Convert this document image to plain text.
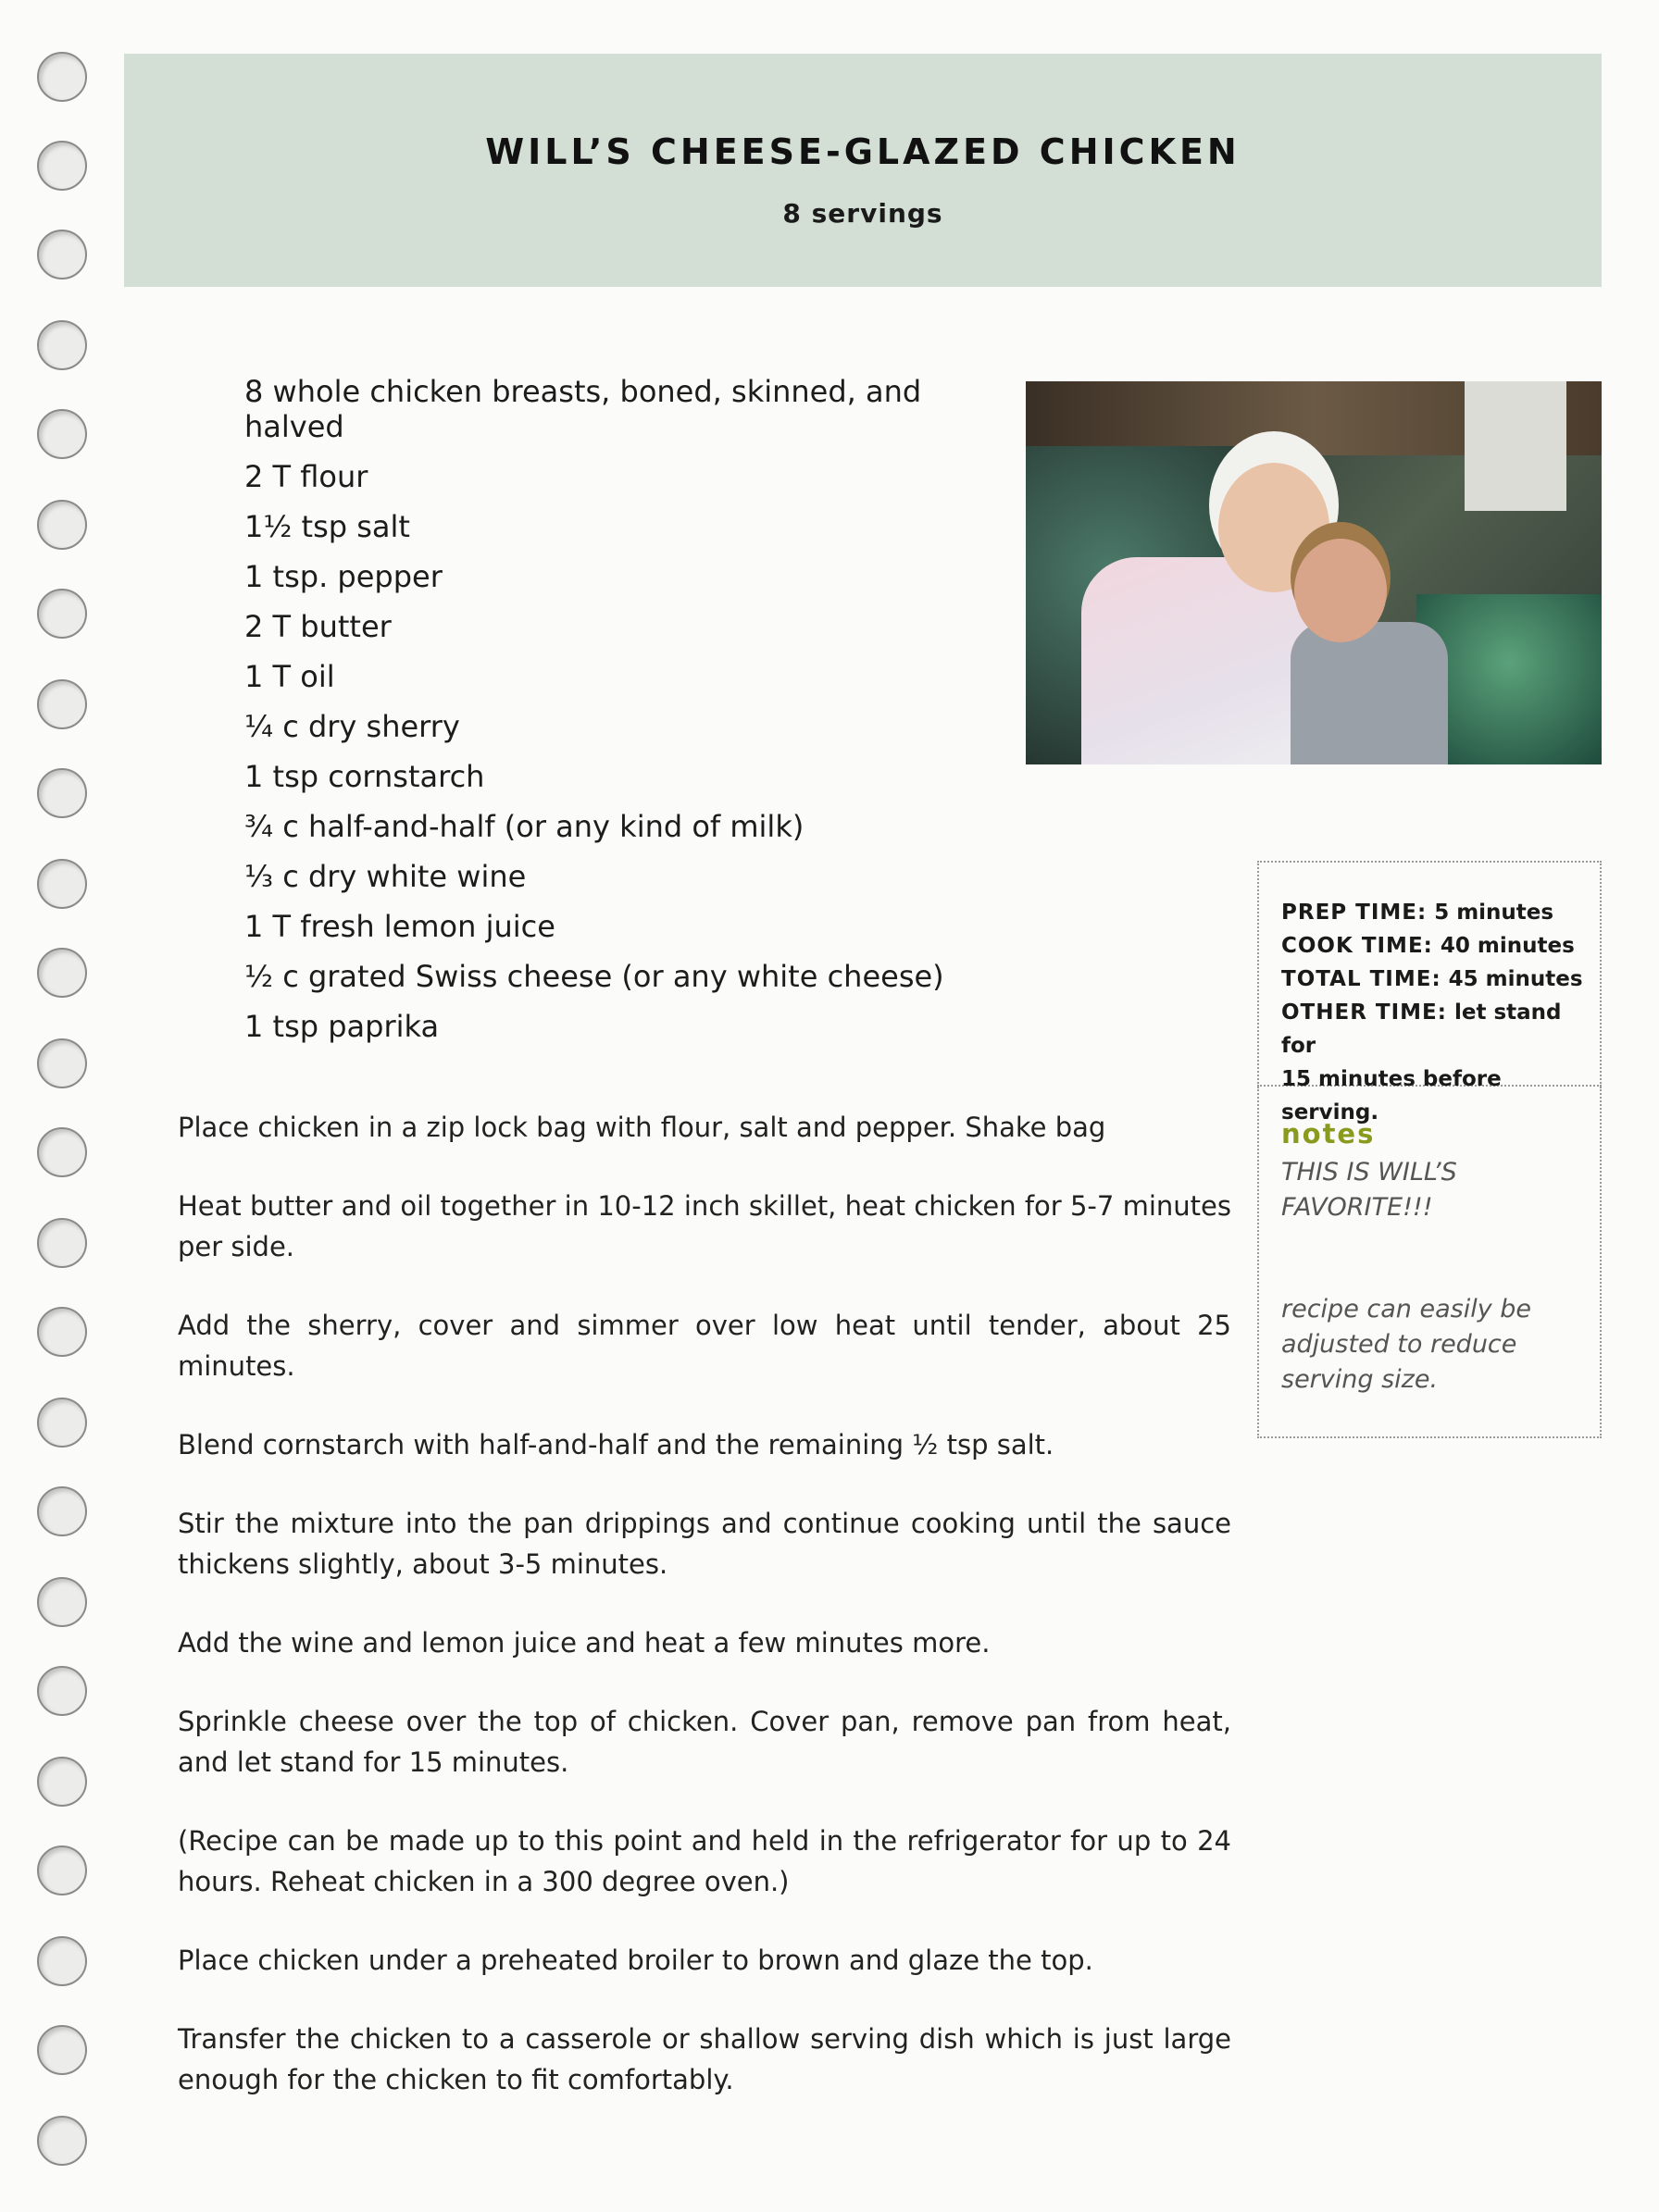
WILL’S CHEESE-GLAZED CHICKEN
8 servings
8 whole chicken breasts, boned, skinned, and halved
2 T flour
1½ tsp salt
1 tsp. pepper
2 T butter
1 T oil
¼ c dry sherry
1 tsp cornstarch
¾ c half-and-half (or any kind of milk)
⅓ c dry white wine
1 T fresh lemon juice
½ c grated Swiss cheese (or any white cheese)
1 tsp paprika
PREP TIME: 5 minutes
COOK TIME: 40 minutes
TOTAL TIME: 45 minutes
OTHER TIME: let stand for
15 minutes before serving.
notes
THIS IS WILL’S FAVORITE!!!
recipe can easily be adjusted to reduce serving size.

Place chicken in a zip lock bag with flour, salt and pepper. Shake bag

Heat butter and oil together in 10-12 inch skillet, heat chicken for 5-7 minutes per side.

Add the sherry, cover and simmer over low heat until tender, about 25 minutes.

Blend cornstarch with half-and-half and the remaining ½ tsp salt.

Stir the mixture into the pan drippings and continue cooking until the sauce thickens slightly, about 3-5 minutes.

Add the wine and lemon juice and heat a few minutes more.

Sprinkle cheese over the top of chicken. Cover pan, remove pan from heat, and let stand for 15 minutes.

(Recipe can be made up to this point and held in the refrigerator for up to 24 hours. Reheat chicken in a 300 degree oven.)

Place chicken under a preheated broiler to brown and glaze the top.

Transfer the chicken to a casserole or shallow serving dish which is just large enough for the chicken to fit comfortably.
